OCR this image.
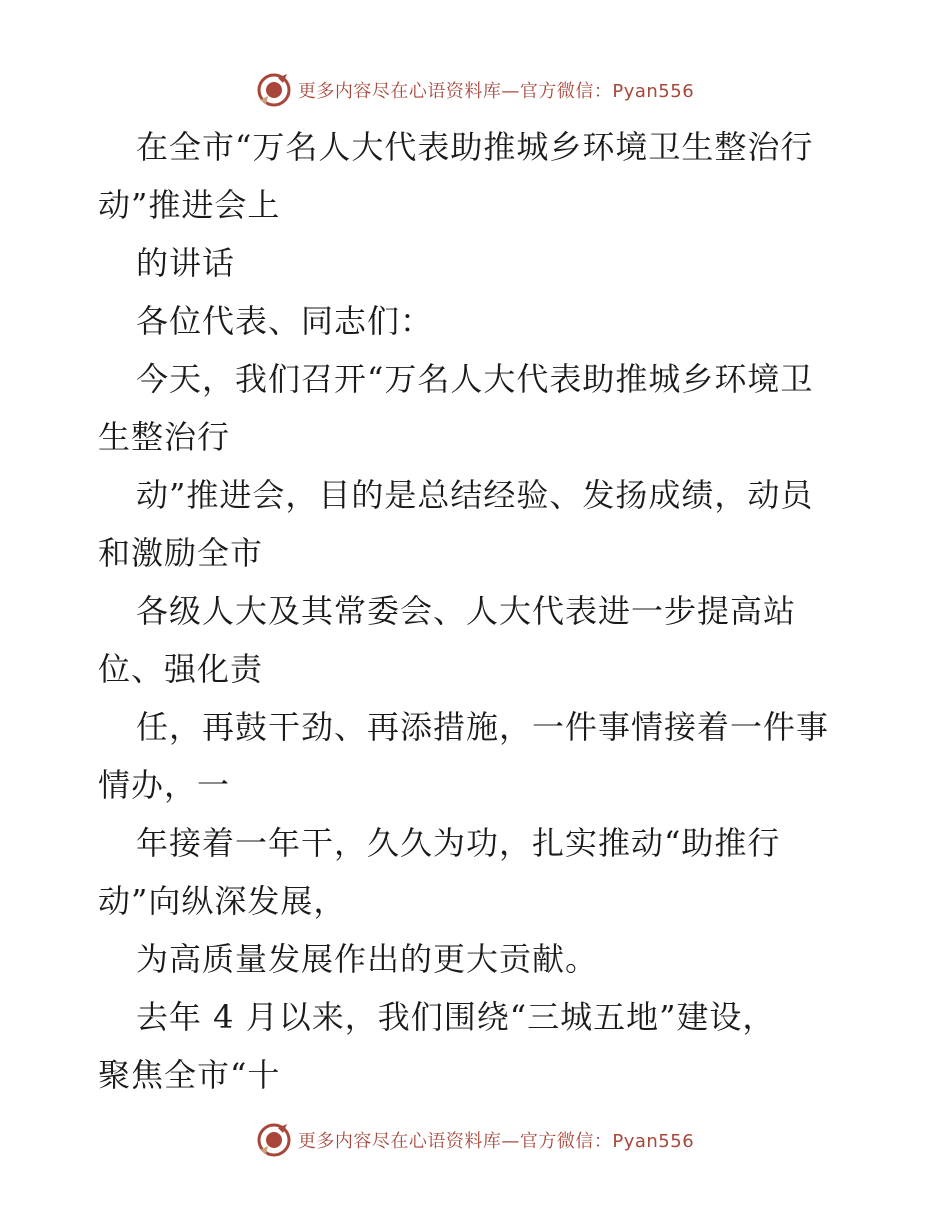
更多内容尽在心语资料库—官方微信：Pyan556

在全市“万名人大代表助推城乡环境卫生整治行

动”推进会上

的讲话

各位代表、同志们：

今天，我们召开“万名人大代表助推城乡环境卫

生整治行

动”推进会，目的是总结经验、发扬成绩，动员

和激励全市

各级人大及其常委会、人大代表进一步提高站

位、强化责

任，再鼓干劲、再添措施，一件事情接着一件事

情办，一

年接着一年干，久久为功，扎实推动“助推行

动”向纵深发展，

为高质量发展作出的更大贡献。

去年 4 月以来，我们围绕“三城五地”建设，

聚焦全市“十

更多内容尽在心语资料库—官方微信：Pyan556
